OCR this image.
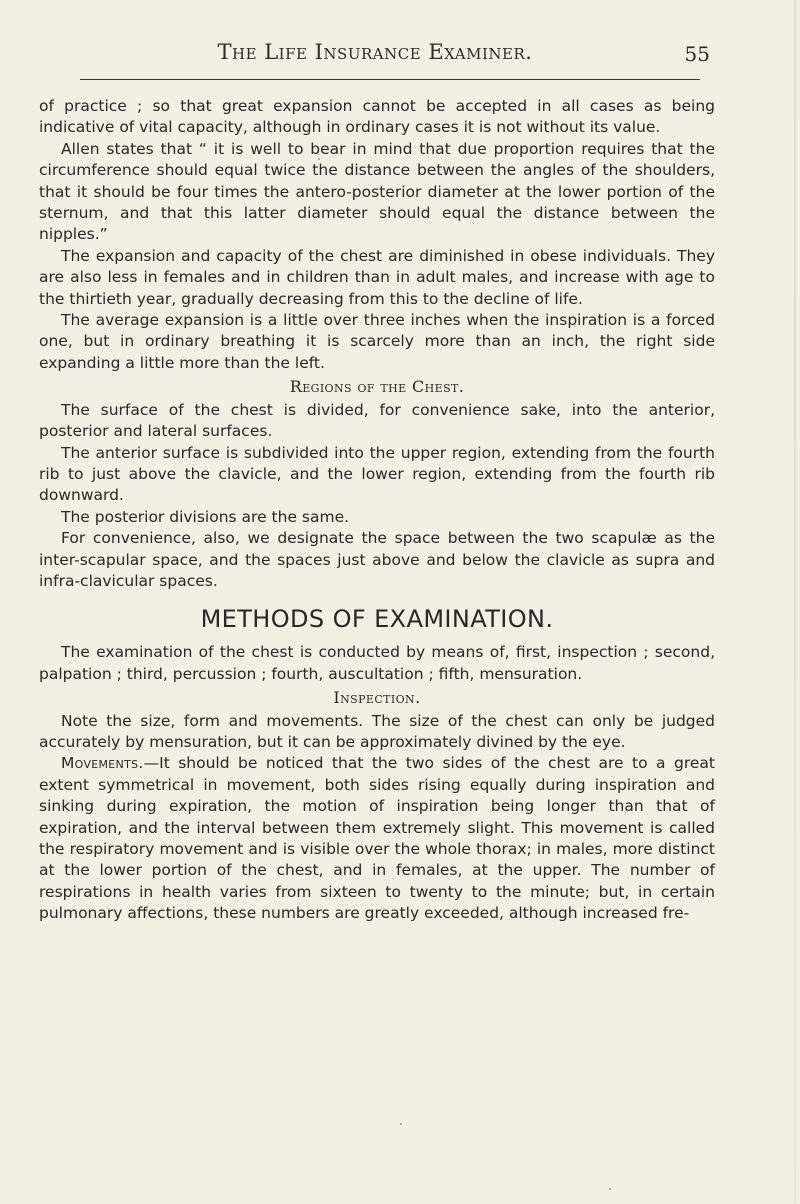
The Life Insurance Examiner.	55

of practice ; so that great expansion cannot be accepted in all cases as being indicative of vital capacity, although in ordinary cases it is not without its value.

Allen states that “ it is well to bear in mind that due proportion requires that the circumference should equal twice the distance between the angles of the shoulders, that it should be four times the antero-posterior diameter at the lower portion of the sternum, and that this latter diameter should equal the distance between the nipples.”

The expansion and capacity of the chest are diminished in obese individuals. They are also less in females and in children than in adult males, and increase with age to the thirtieth year, gradually decreasing from this to the decline of life.

The average expansion is a little over three inches when the inspiration is a forced one, but in ordinary breathing it is scarcely more than an inch, the right side expanding a little more than the left.

Regions of the Chest.

The surface of the chest is divided, for convenience sake, into the anterior, posterior and lateral surfaces.

The anterior surface is subdivided into the upper region, extending from the fourth rib to just above the clavicle, and the lower region, extending from the fourth rib downward.

The posterior divisions are the same.

For convenience, also, we designate the space between the two scapulæ as the inter-scapular space, and the spaces just above and below the clavicle as supra and infra-clavicular spaces.

METHODS OF EXAMINATION.

The examination of the chest is conducted by means of, first, inspection ; second, palpation ; third, percussion ; fourth, auscultation ; fifth, mensuration.

Inspection.

Note the size, form and movements. The size of the chest can only be judged accurately by mensuration, but it can be approximately divined by the eye.

Movements.—It should be noticed that the two sides of the chest are to a great extent symmetrical in movement, both sides rising equally during inspiration and sinking during expiration, the motion of inspiration being longer than that of expiration, and the interval between them extremely slight. This movement is called the respiratory movement and is visible over the whole thorax; in males, more distinct at the lower portion of the chest, and in females, at the upper. The number of respirations in health varies from sixteen to twenty to the minute; but, in certain pulmonary affections, these numbers are greatly exceeded, although increased fre-
